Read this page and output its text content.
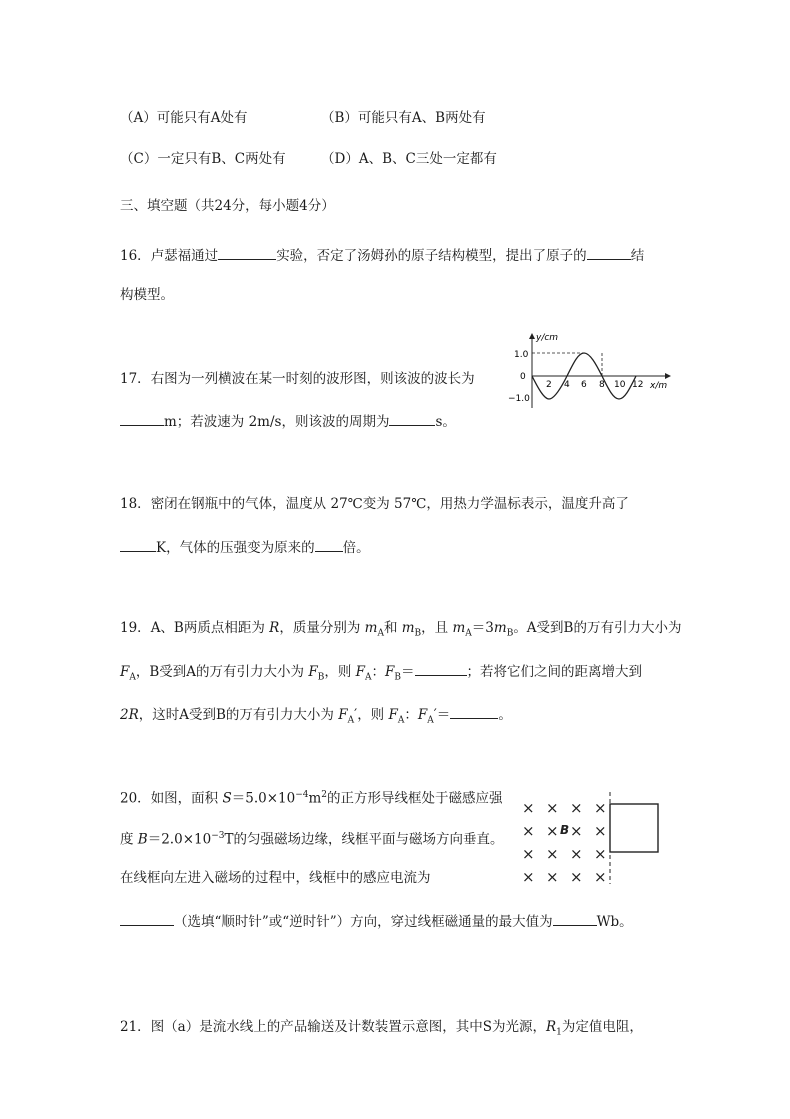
（A）可能只有A处有	（B）可能只有A、B两处有
（C）一定只有B、C两处有	（D）A、B、C三处一定都有
三、填空题（共24分，每小题4分）
16．卢瑟福通过	实验，否定了汤姆孙的原子结构模型，提出了原子的	结
构模型。
17．右图为一列横波在某一时刻的波形图，则该波的波长为
m；若波速为 2m/s，则该波的周期为	s。
y/cm
x/m
1.0
0
−1.0
2 4 6 8 10 12
18．密闭在钢瓶中的气体，温度从 27℃变为 57℃，用热力学温标表示，温度升高了
K，气体的压强变为原来的 倍。
19．A、B两质点相距为 R，质量分别为 $m_A$和 $m_B$，且 $m_A=3m_B$。A受到B的万有引力大小为
$F_A$，B受到A的万有引力大小为 $F_B$，则 $F_A$：$F_B=$	；若将它们之间的距离增大到
2R，这时A受到B的万有引力大小为 $F_A'$，则 $F_A$：$F_A'=$	。
20．如图，面积 $S=5.0\times 10^{-4}m^2$的正方形导线框处于磁感应强
度 $B=2.0\times 10^{-3}T$的匀强磁场边缘，线框平面与磁场方向垂直。
在线框向左进入磁场的过程中，线框中的感应电流为
（选填“顺时针”或“逆时针”）方向，穿过线框磁通量的最大值为	Wb。
× × × ×
× × × ×
× × × ×
× × × ×
B
21．图（a）是流水线上的产品输送及计数装置示意图，其中S为光源，$R_1$为定值电阻，
